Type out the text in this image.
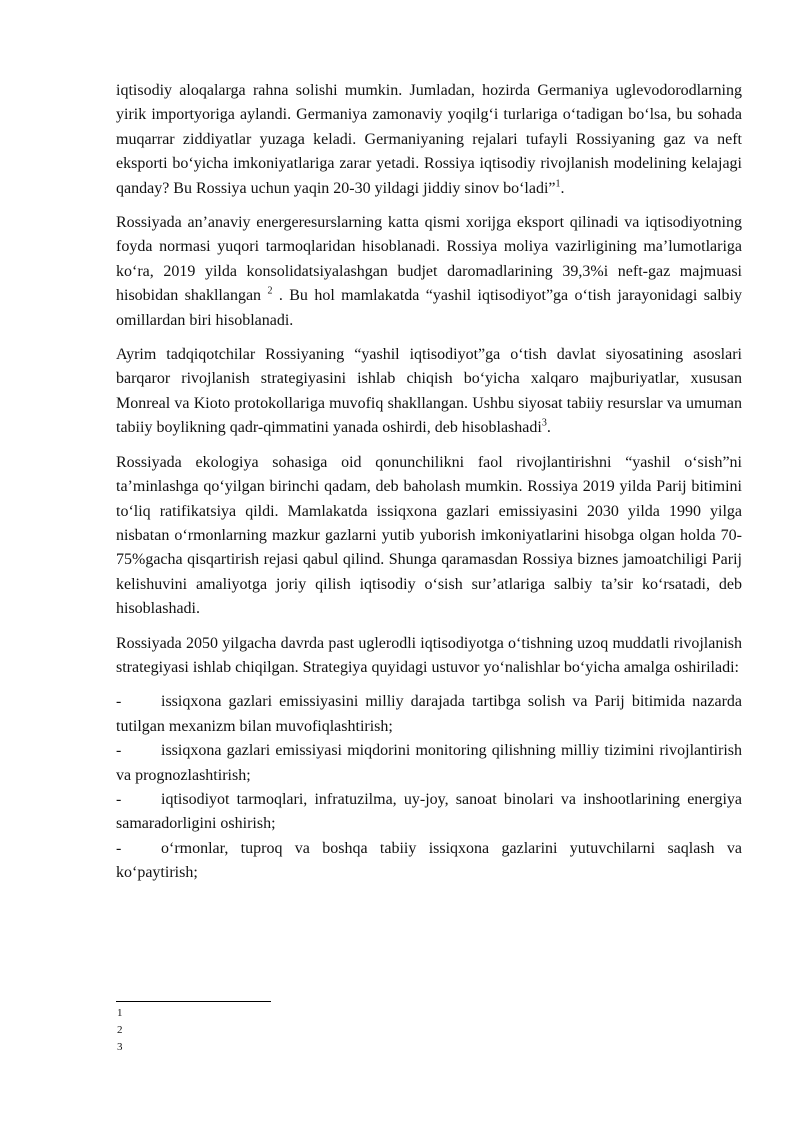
iqtisodiy aloqalarga rahna solishi mumkin. Jumladan, hozirda Germaniya uglevodorodlarning yirik importyoriga aylandi. Germaniya zamonaviy yoqilg‘i turlariga o‘tadigan bo‘lsa, bu sohada muqarrar ziddiyatlar yuzaga keladi. Germaniyaning rejalari tufayli Rossiyaning gaz va neft eksporti bo‘yicha imkoniyatlariga zarar yetadi. Rossiya iqtisodiy rivojlanish modelining kelajagi qanday? Bu Rossiya uchun yaqin 20-30 yildagi jiddiy sinov bo‘ladi”$^1$.

Rossiyada an’anaviy energeresurslarning katta qismi xorijga eksport qilinadi va iqtisodiyotning foyda normasi yuqori tarmoqlaridan hisoblanadi. Rossiya moliya vazirligining ma’lumotlariga ko‘ra, 2019 yilda konsolidatsiyalashgan budjet daromadlarining 39,3%i neft-gaz majmuasi hisobidan shakllangan $^2$ . Bu hol mamlakatda “yashil iqtisodiyot”ga o‘tish jarayonidagi salbiy omillardan biri hisoblanadi.

Ayrim tadqiqotchilar Rossiyaning “yashil iqtisodiyot”ga o‘tish davlat siyosatining asoslari barqaror rivojlanish strategiyasini ishlab chiqish bo‘yicha xalqaro majburiyatlar, xususan Monreal va Kioto protokollariga muvofiq shakllangan. Ushbu siyosat tabiiy resurslar va umuman tabiiy boylikning qadr-qimmatini yanada oshirdi, deb hisoblashadi$^3$.

Rossiyada ekologiya sohasiga oid qonunchilikni faol rivojlantirishni “yashil o‘sish”ni ta’minlashga qo‘yilgan birinchi qadam, deb baholash mumkin. Rossiya 2019 yilda Parij bitimini to‘liq ratifikatsiya qildi. Mamlakatda issiqxona gazlari emissiyasini 2030 yilda 1990 yilga nisbatan o‘rmonlarning mazkur gazlarni yutib yuborish imkoniyatlarini hisobga olgan holda 70-75%gacha qisqartirish rejasi qabul qilind. Shunga qaramasdan Rossiya biznes jamoatchiligi Parij kelishuvini amaliyotga joriy qilish iqtisodiy o‘sish sur’atlariga salbiy ta’sir ko‘rsatadi, deb hisoblashadi.

Rossiyada 2050 yilgacha davrda past uglerodli iqtisodiyotga o‘tishning uzoq muddatli rivojlanish strategiyasi ishlab chiqilgan. Strategiya quyidagi ustuvor yo‘nalishlar bo‘yicha amalga oshiriladi:

- issiqxona gazlari emissiyasini milliy darajada tartibga solish va Parij bitimida nazarda tutilgan mexanizm bilan muvofiqlashtirish;

- issiqxona gazlari emissiyasi miqdorini monitoring qilishning milliy tizimini rivojlantirish va prognozlashtirish;

- iqtisodiyot tarmoqlari, infratuzilma, uy-joy, sanoat binolari va inshootlarining energiya samaradorligini oshirish;

- o‘rmonlar, tuproq va boshqa tabiiy issiqxona gazlarini yutuvchilarni saqlash va ko‘paytirish;

1
2
3
